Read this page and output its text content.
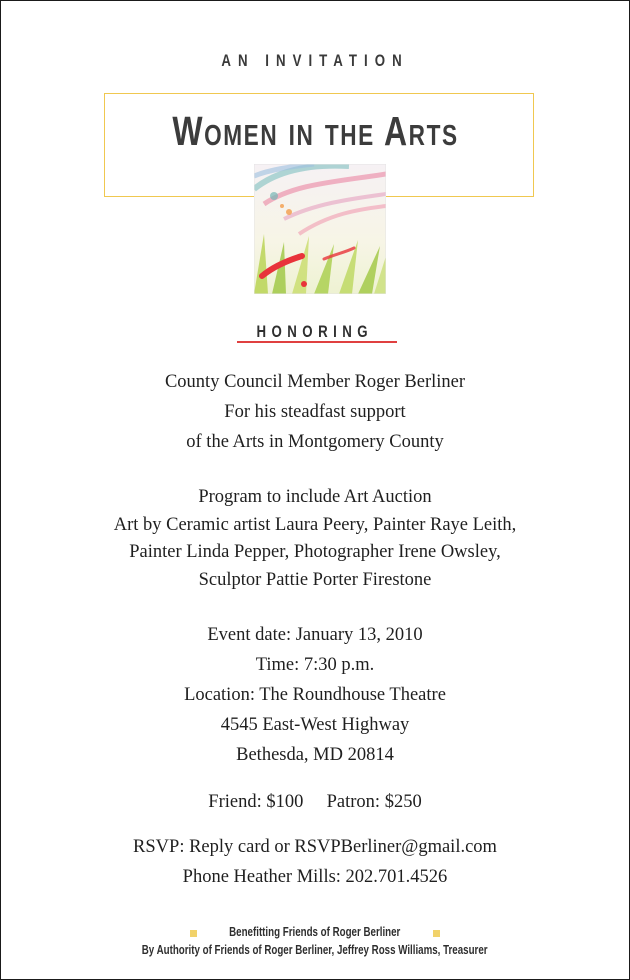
AN INVITATION
Women in the Arts
HONORING
County Council Member Roger Berliner
For his steadfast support
of the Arts in Montgomery County
Program to include Art Auction
Art by Ceramic artist Laura Peery, Painter Raye Leith,
Painter Linda Pepper, Photographer Irene Owsley,
Sculptor Pattie Porter Firestone
Event date: January 13, 2010
Time: 7:30 p.m.
Location: The Roundhouse Theatre
4545 East-West Highway
Bethesda, MD 20814
Friend: $100 Patron: $250
RSVP: Reply card or RSVPBerliner@gmail.com
Phone Heather Mills: 202.701.4526
Benefitting Friends of Roger Berliner
By Authority of Friends of Roger Berliner, Jeffrey Ross Williams, Treasurer
